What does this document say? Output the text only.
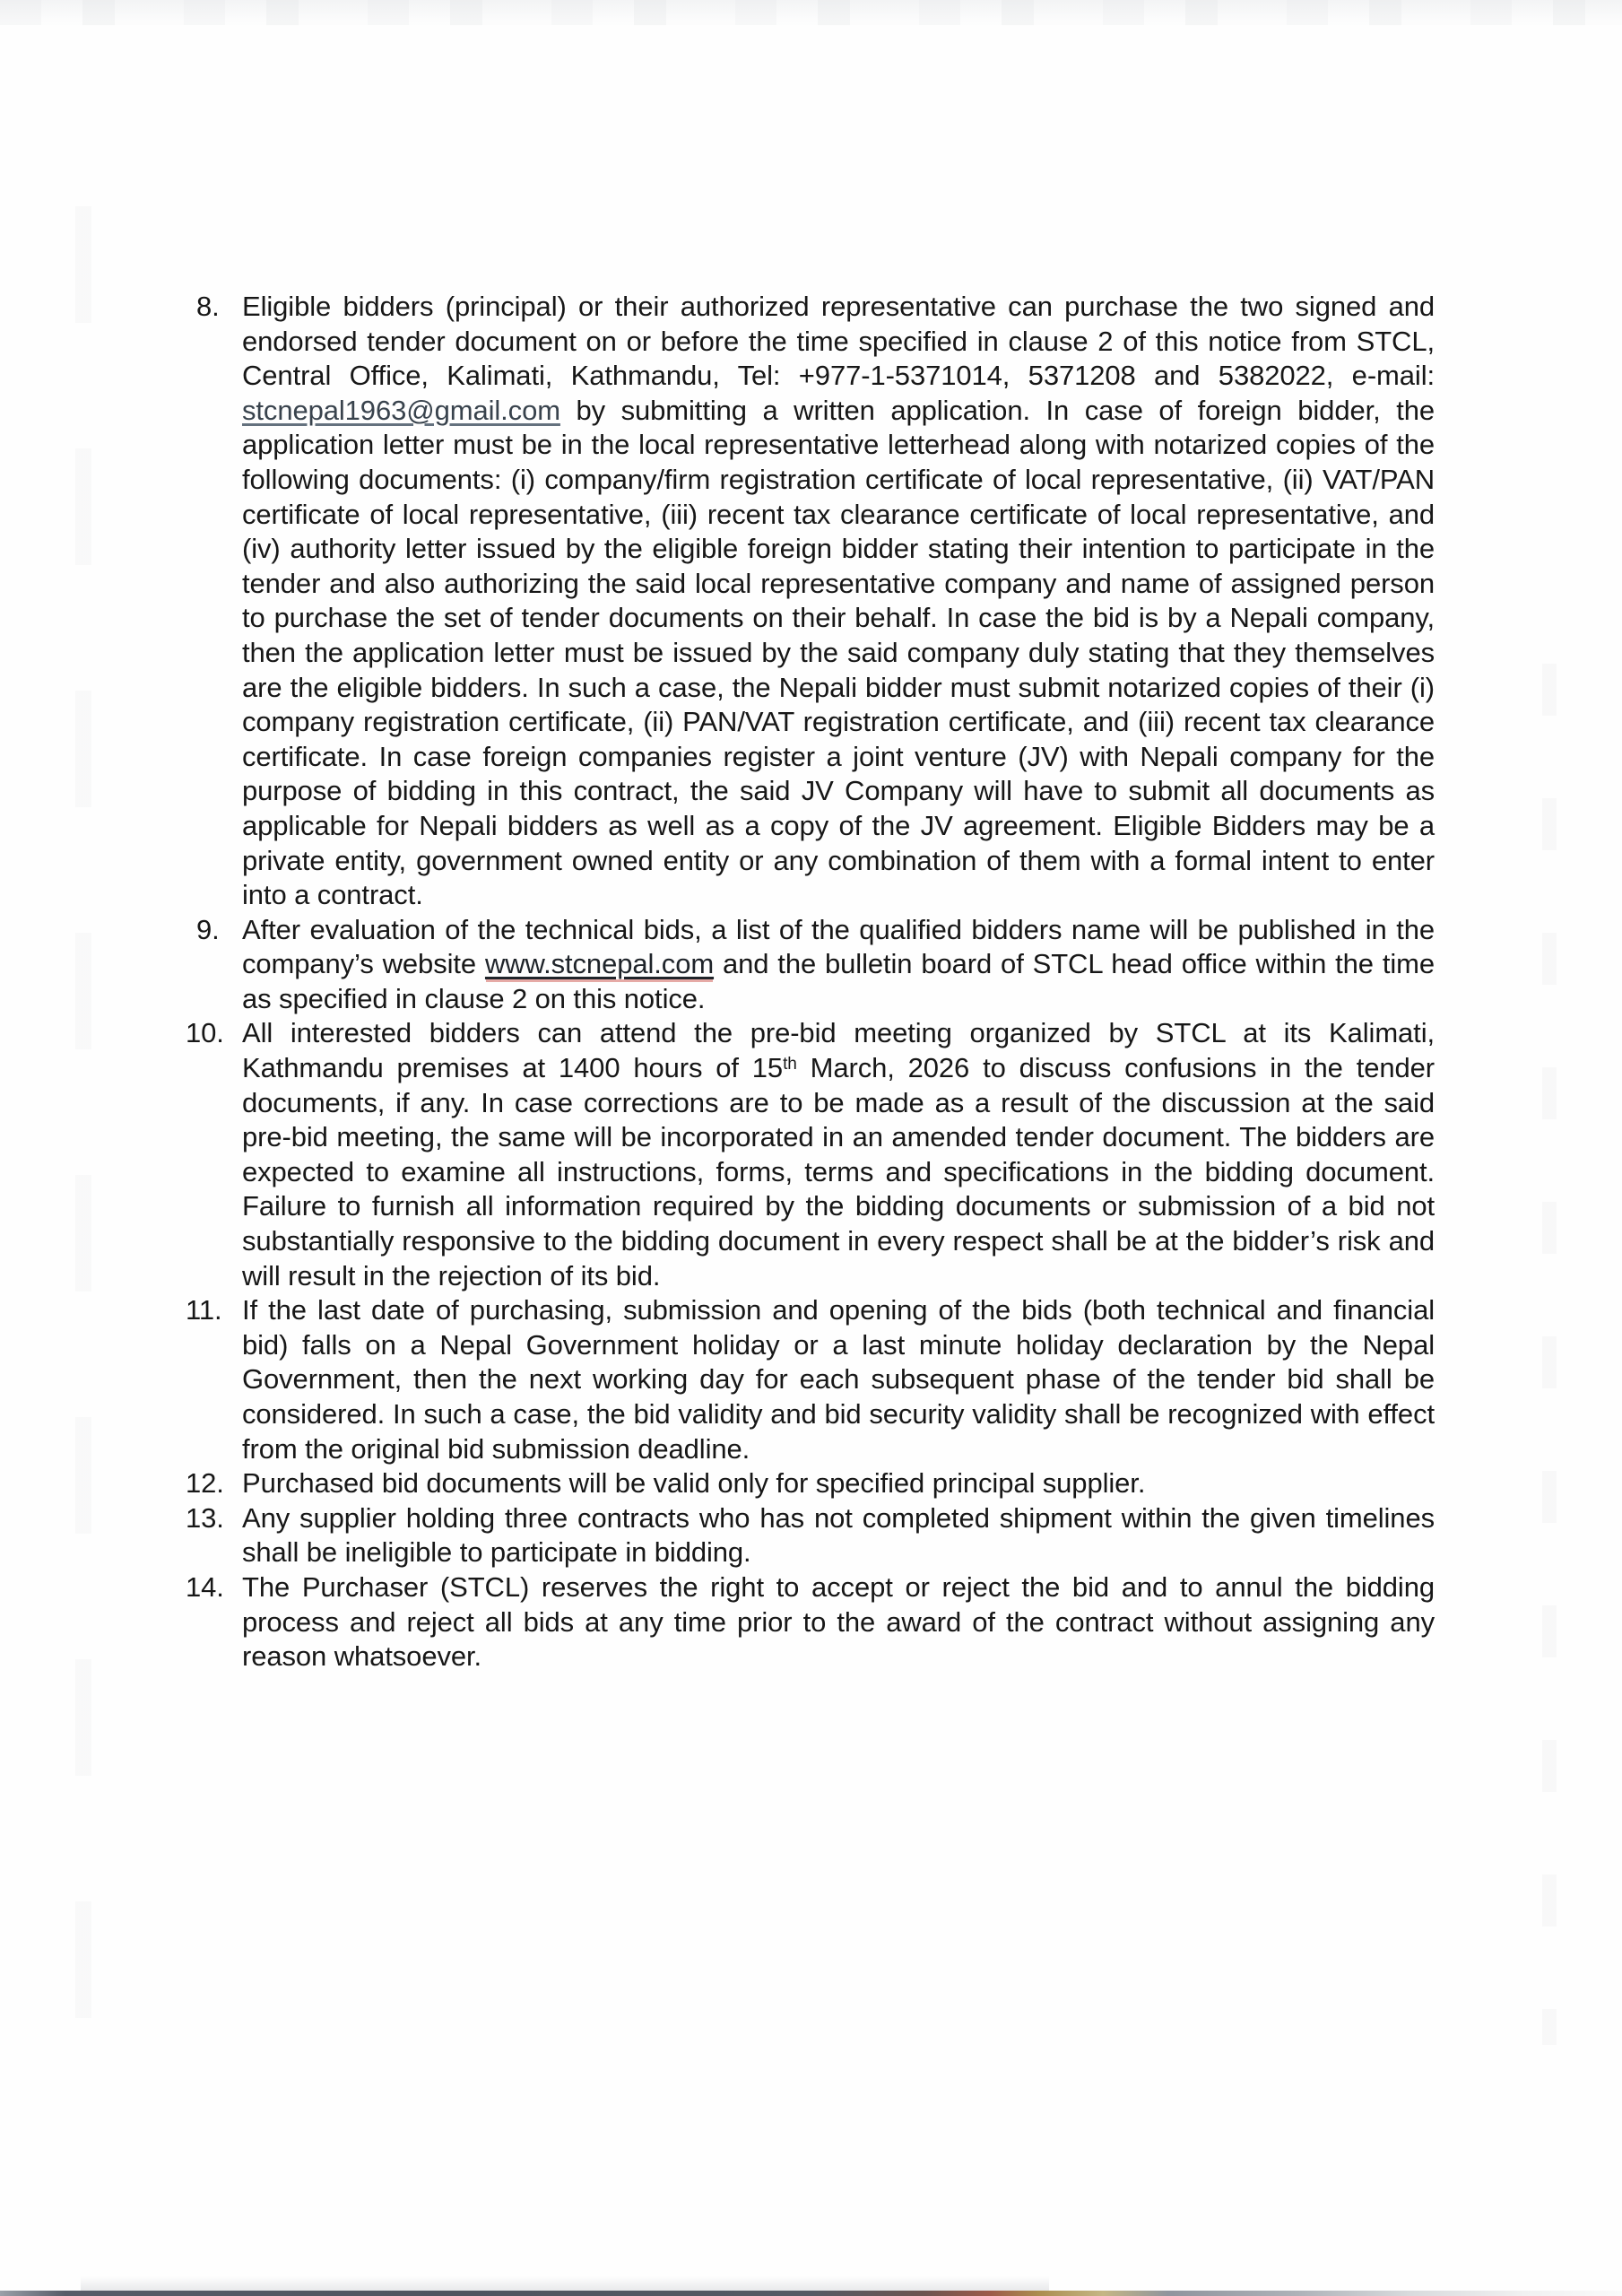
8. Eligible bidders (principal) or their authorized representative can purchase the two signed and endorsed tender document on or before the time specified in clause 2 of this notice from STCL, Central Office, Kalimati, Kathmandu, Tel: +977-1-5371014, 5371208 and 5382022, e-mail: stcnepal1963@gmail.com by submitting a written application. In case of foreign bidder, the application letter must be in the local representative letterhead along with notarized copies of the following documents: (i) company/firm registration certificate of local representative, (ii) VAT/PAN certificate of local representative, (iii) recent tax clearance certificate of local representative, and (iv) authority letter issued by the eligible foreign bidder stating their intention to participate in the tender and also authorizing the said local representative company and name of assigned person to purchase the set of tender documents on their behalf. In case the bid is by a Nepali company, then the application letter must be issued by the said company duly stating that they themselves are the eligible bidders. In such a case, the Nepali bidder must submit notarized copies of their (i) company registration certificate, (ii) PAN/VAT registration certificate, and (iii) recent tax clearance certificate. In case foreign companies register a joint venture (JV) with Nepali company for the purpose of bidding in this contract, the said JV Company will have to submit all documents as applicable for Nepali bidders as well as a copy of the JV agreement. Eligible Bidders may be a private entity, government owned entity or any combination of them with a formal intent to enter into a contract.
9. After evaluation of the technical bids, a list of the qualified bidders name will be published in the company’s website www.stcnepal.com and the bulletin board of STCL head office within the time as specified in clause 2 on this notice.
10. All interested bidders can attend the pre-bid meeting organized by STCL at its Kalimati, Kathmandu premises at 1400 hours of 15th March, 2026 to discuss confusions in the tender documents, if any. In case corrections are to be made as a result of the discussion at the said pre-bid meeting, the same will be incorporated in an amended tender document. The bidders are expected to examine all instructions, forms, terms and specifications in the bidding document. Failure to furnish all information required by the bidding documents or submission of a bid not substantially responsive to the bidding document in every respect shall be at the bidder’s risk and will result in the rejection of its bid.
11. If the last date of purchasing, submission and opening of the bids (both technical and financial bid) falls on a Nepal Government holiday or a last minute holiday declaration by the Nepal Government, then the next working day for each subsequent phase of the tender bid shall be considered. In such a case, the bid validity and bid security validity shall be recognized with effect from the original bid submission deadline.
12. Purchased bid documents will be valid only for specified principal supplier.
13. Any supplier holding three contracts who has not completed shipment within the given timelines shall be ineligible to participate in bidding.
14. The Purchaser (STCL) reserves the right to accept or reject the bid and to annul the bidding process and reject all bids at any time prior to the award of the contract without assigning any reason whatsoever.
